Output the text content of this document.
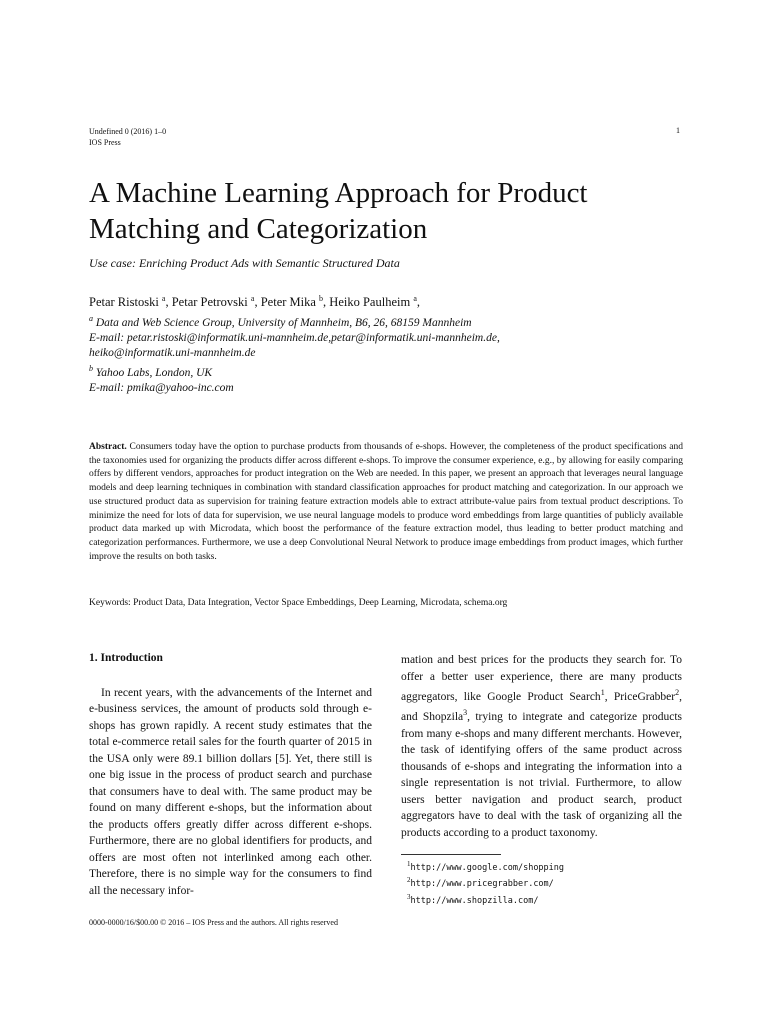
Undefined 0 (2016) 1–0
IOS Press
1
A Machine Learning Approach for Product Matching and Categorization
Use case: Enriching Product Ads with Semantic Structured Data
Petar Ristoski $^a$, Petar Petrovski $^a$, Peter Mika $^b$, Heiko Paulheim $^a$,
$^a$ Data and Web Science Group, University of Mannheim, B6, 26, 68159 Mannheim
E-mail: petar.ristoski@informatik.uni-mannheim.de,petar@informatik.uni-mannheim.de,
heiko@informatik.uni-mannheim.de
$^b$ Yahoo Labs, London, UK
E-mail: pmika@yahoo-inc.com
Abstract. Consumers today have the option to purchase products from thousands of e-shops. However, the completeness of the product specifications and the taxonomies used for organizing the products differ across different e-shops. To improve the consumer experience, e.g., by allowing for easily comparing offers by different vendors, approaches for product integration on the Web are needed. In this paper, we present an approach that leverages neural language models and deep learning techniques in combination with standard classification approaches for product matching and categorization. In our approach we use structured product data as supervision for training feature extraction models able to extract attribute-value pairs from textual product descriptions. To minimize the need for lots of data for supervision, we use neural language models to produce word embeddings from large quantities of publicly available product data marked up with Microdata, which boost the performance of the feature extraction model, thus leading to better product matching and categorization performances. Furthermore, we use a deep Convolutional Neural Network to produce image embeddings from product images, which further improve the results on both tasks.
Keywords: Product Data, Data Integration, Vector Space Embeddings, Deep Learning, Microdata, schema.org
1. Introduction
In recent years, with the advancements of the Internet and e-business services, the amount of products sold through e-shops has grown rapidly. A recent study estimates that the total e-commerce retail sales for the fourth quarter of 2015 in the USA only were 89.1 billion dollars [5]. Yet, there still is one big issue in the process of product search and purchase that consumers have to deal with. The same product may be found on many different e-shops, but the information about the products offers greatly differ across different e-shops. Furthermore, there are no global identifiers for products, and offers are most often not interlinked among each other. Therefore, there is no simple way for the consumers to find all the necessary infor-
mation and best prices for the products they search for. To offer a better user experience, there are many products aggregators, like Google Product Search$^1$, PriceGrabber$^2$, and Shopzila$^3$, trying to integrate and categorize products from many e-shops and many different merchants. However, the task of identifying offers of the same product across thousands of e-shops and integrating the information into a single representation is not trivial. Furthermore, to allow users better navigation and product search, product aggregators have to deal with the task of organizing all the products according to a product taxonomy.
$^1$http://www.google.com/shopping
$^2$http://www.pricegrabber.com/
$^3$http://www.shopzilla.com/
0000-0000/16/$00.00 © 2016 – IOS Press and the authors. All rights reserved
